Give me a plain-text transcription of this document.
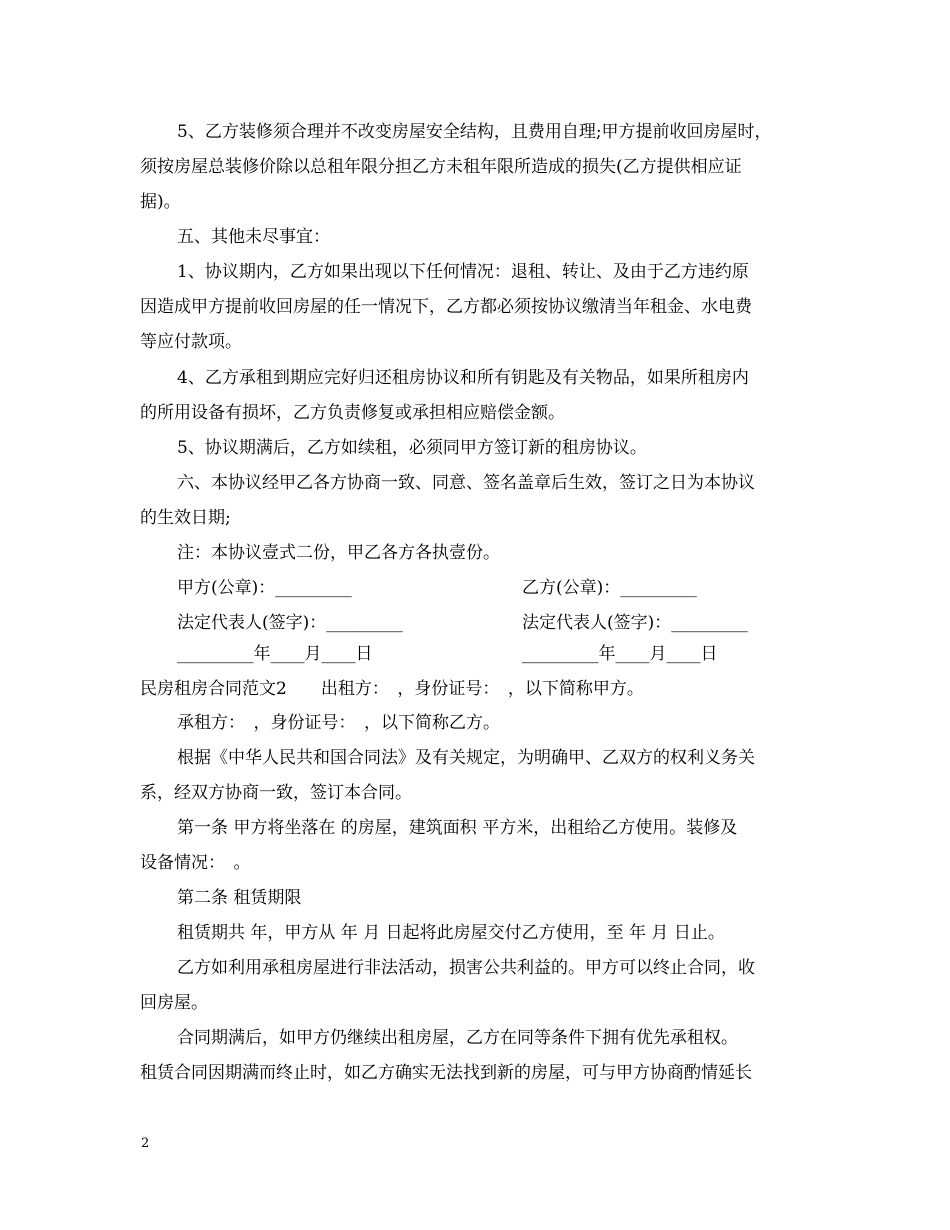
5、乙方装修须合理并不改变房屋安全结构，且费用自理;甲方提前收回房屋时，
须按房屋总装修价除以总租年限分担乙方未租年限所造成的损失(乙方提供相应证
据)。
五、其他未尽事宜：
1、协议期内，乙方如果出现以下任何情况：退租、转让、及由于乙方违约原
因造成甲方提前收回房屋的任一情况下，乙方都必须按协议缴清当年租金、水电费
等应付款项。
4、乙方承租到期应完好归还租房协议和所有钥匙及有关物品，如果所租房内
的所用设备有损坏，乙方负责修复或承担相应赔偿金额。
5、协议期满后，乙方如续租，必须同甲方签订新的租房协议。
六、本协议经甲乙各方协商一致、同意、签名盖章后生效，签订之日为本协议
的生效日期;
注：本协议壹式二份，甲乙各方各执壹份。
甲方(公章)：_________	乙方(公章)：_________
法定代表人(签字)：_________	法定代表人(签字)：_________
_________年____月____日	_________年____月____日
民房租房合同范文2　　出租方：　，身份证号：　，以下简称甲方。
承租方：　，身份证号：　，以下简称乙方。
根据《中华人民共和国合同法》及有关规定，为明确甲、乙双方的权利义务关
系，经双方协商一致，签订本合同。
第一条 甲方将坐落在 的房屋，建筑面积 平方米，出租给乙方使用。装修及
设备情况：　。
第二条 租赁期限
租赁期共 年，甲方从 年 月 日起将此房屋交付乙方使用，至 年 月 日止。
乙方如利用承租房屋进行非法活动，损害公共利益的。甲方可以终止合同，收
回房屋。
合同期满后，如甲方仍继续出租房屋，乙方在同等条件下拥有优先承租权。
租赁合同因期满而终止时，如乙方确实无法找到新的房屋，可与甲方协商酌情延长
2
